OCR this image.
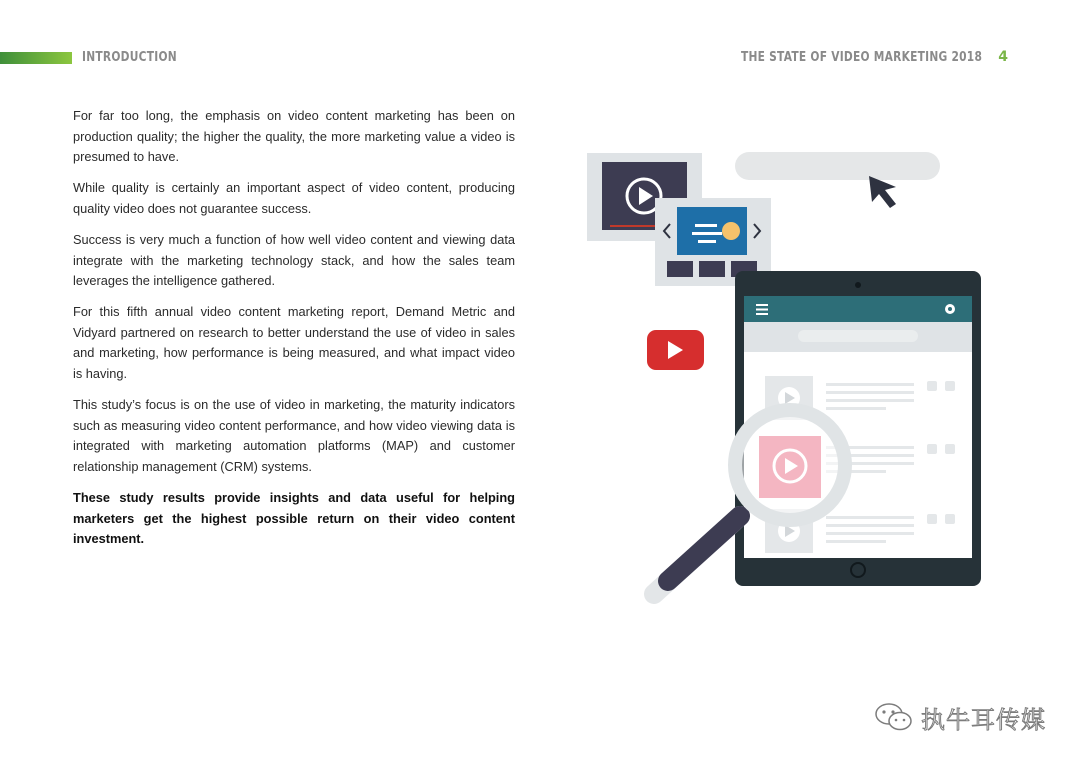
INTRODUCTION	THE STATE OF VIDEO MARKETING 2018 4

For far too long, the emphasis on video content marketing has been on production quality; the higher the quality, the more marketing value a video is presumed to have.

While quality is certainly an important aspect of video content, producing quality video does not guarantee success.

Success is very much a function of how well video content and viewing data integrate with the marketing technology stack, and how the sales team leverages the intelligence gathered.

For this fifth annual video content marketing report, Demand Metric and Vidyard partnered on research to better understand the use of video in sales and marketing, how performance is being measured, and what impact video is having.

This study’s focus is on the use of video in marketing, the maturity indicators such as measuring video content performance, and how video viewing data is integrated with marketing automation platforms (MAP) and customer relationship management (CRM) systems.

These study results provide insights and data useful for helping marketers get the highest possible return on their video content investment.

执牛耳传媒
